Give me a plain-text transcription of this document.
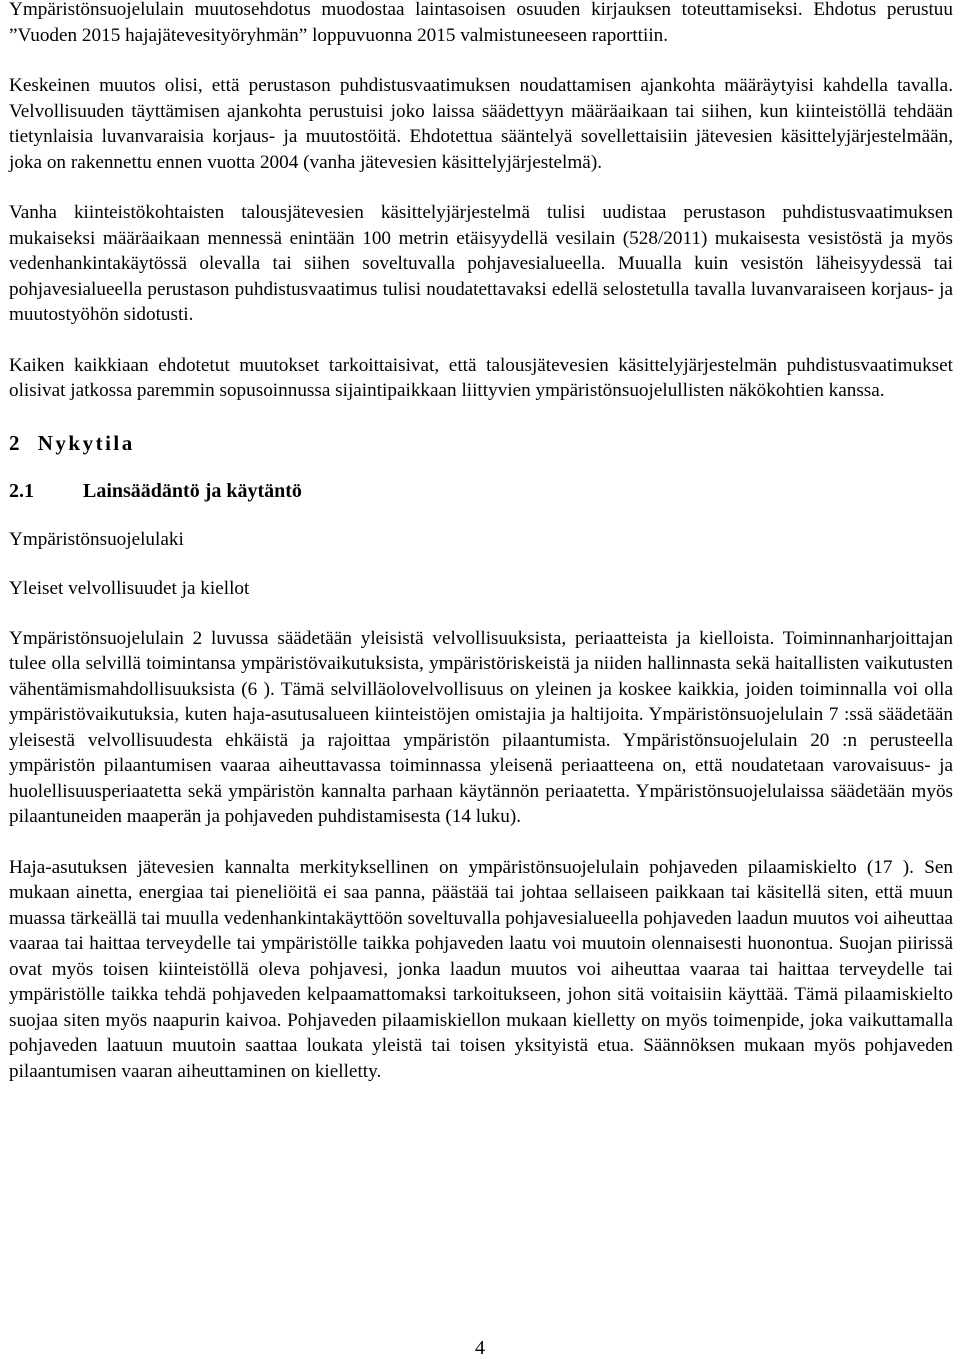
Ympäristönsuojelulain muutosehdotus muodostaa laintasoisen osuuden kirjauksen toteuttamiseksi. Ehdotus perustuu ”Vuoden 2015 hajajätevesityöryhmän” loppuvuonna 2015 valmistuneeseen raporttiin.

Keskeinen muutos olisi, että perustason puhdistusvaatimuksen noudattamisen ajankohta määräytyisi kahdella tavalla. Velvollisuuden täyttämisen ajankohta perustuisi joko laissa säädettyyn määräaikaan tai siihen, kun kiinteistöllä tehdään tietynlaisia luvanvaraisia korjaus- ja muutostöitä. Ehdotettua sääntelyä sovellettaisiin jätevesien käsittelyjärjestelmään, joka on rakennettu ennen vuotta 2004 (vanha jätevesien käsittelyjärjestelmä).

Vanha kiinteistökohtaisten talousjätevesien käsittelyjärjestelmä tulisi uudistaa perustason puhdistusvaatimuksen mukaiseksi määräaikaan mennessä enintään 100 metrin etäisyydellä vesilain (528/2011) mukaisesta vesistöstä ja myös vedenhankintakäytössä olevalla tai siihen soveltuvalla pohjavesialueella. Muualla kuin vesistön läheisyydessä tai pohjavesialueella perustason puhdistusvaatimus tulisi noudatettavaksi edellä selostetulla tavalla luvanvaraiseen korjaus- ja muutostyöhön sidotusti.

Kaiken kaikkiaan ehdotetut muutokset tarkoittaisivat, että talousjätevesien käsittelyjärjestelmän puhdistusvaatimukset olisivat jatkossa paremmin sopusoinnussa sijaintipaikkaan liittyvien ympäristönsuojelullisten näkökohtien kanssa.

2 Nykytila
2.1 Lainsäädäntö ja käytäntö

Ympäristönsuojelulaki

Yleiset velvollisuudet ja kiellot

Ympäristönsuojelulain 2 luvussa säädetään yleisistä velvollisuuksista, periaatteista ja kielloista. Toiminnanharjoittajan tulee olla selvillä toimintansa ympäristövaikutuksista, ympäristöriskeistä ja niiden hallinnasta sekä haitallisten vaikutusten vähentämismahdollisuuksista (6 ). Tämä selvilläolovelvollisuus on yleinen ja koskee kaikkia, joiden toiminnalla voi olla ympäristövaikutuksia, kuten haja-asutusalueen kiinteistöjen omistajia ja haltijoita. Ympäristönsuojelulain 7 :ssä säädetään yleisestä velvollisuudesta ehkäistä ja rajoittaa ympäristön pilaantumista. Ympäristönsuojelulain 20 :n perusteella ympäristön pilaantumisen vaaraa aiheuttavassa toiminnassa yleisenä periaatteena on, että noudatetaan varovaisuus- ja huolellisuusperiaatetta sekä ympäristön kannalta parhaan käytännön periaatetta. Ympäristönsuojelulaissa säädetään myös pilaantuneiden maaperän ja pohjaveden puhdistamisesta (14 luku).

Haja-asutuksen jätevesien kannalta merkityksellinen on ympäristönsuojelulain pohjaveden pilaamiskielto (17 ). Sen mukaan ainetta, energiaa tai pieneliöitä ei saa panna, päästää tai johtaa sellaiseen paikkaan tai käsitellä siten, että muun muassa tärkeällä tai muulla vedenhankintakäyttöön soveltuvalla pohjavesialueella pohjaveden laadun muutos voi aiheuttaa vaaraa tai haittaa terveydelle tai ympäristölle taikka pohjaveden laatu voi muutoin olennaisesti huonontua. Suojan piirissä ovat myös toisen kiinteistöllä oleva pohjavesi, jonka laadun muutos voi aiheuttaa vaaraa tai haittaa terveydelle tai ympäristölle taikka tehdä pohjaveden kelpaamattomaksi tarkoitukseen, johon sitä voitaisiin käyttää. Tämä pilaamiskielto suojaa siten myös naapurin kaivoa. Pohjaveden pilaamiskiellon mukaan kielletty on myös toimenpide, joka vaikuttamalla pohjaveden laatuun muutoin saattaa loukata yleistä tai toisen yksityistä etua. Säännöksen mukaan myös pohjaveden pilaantumisen vaaran aiheuttaminen on kielletty.

4
